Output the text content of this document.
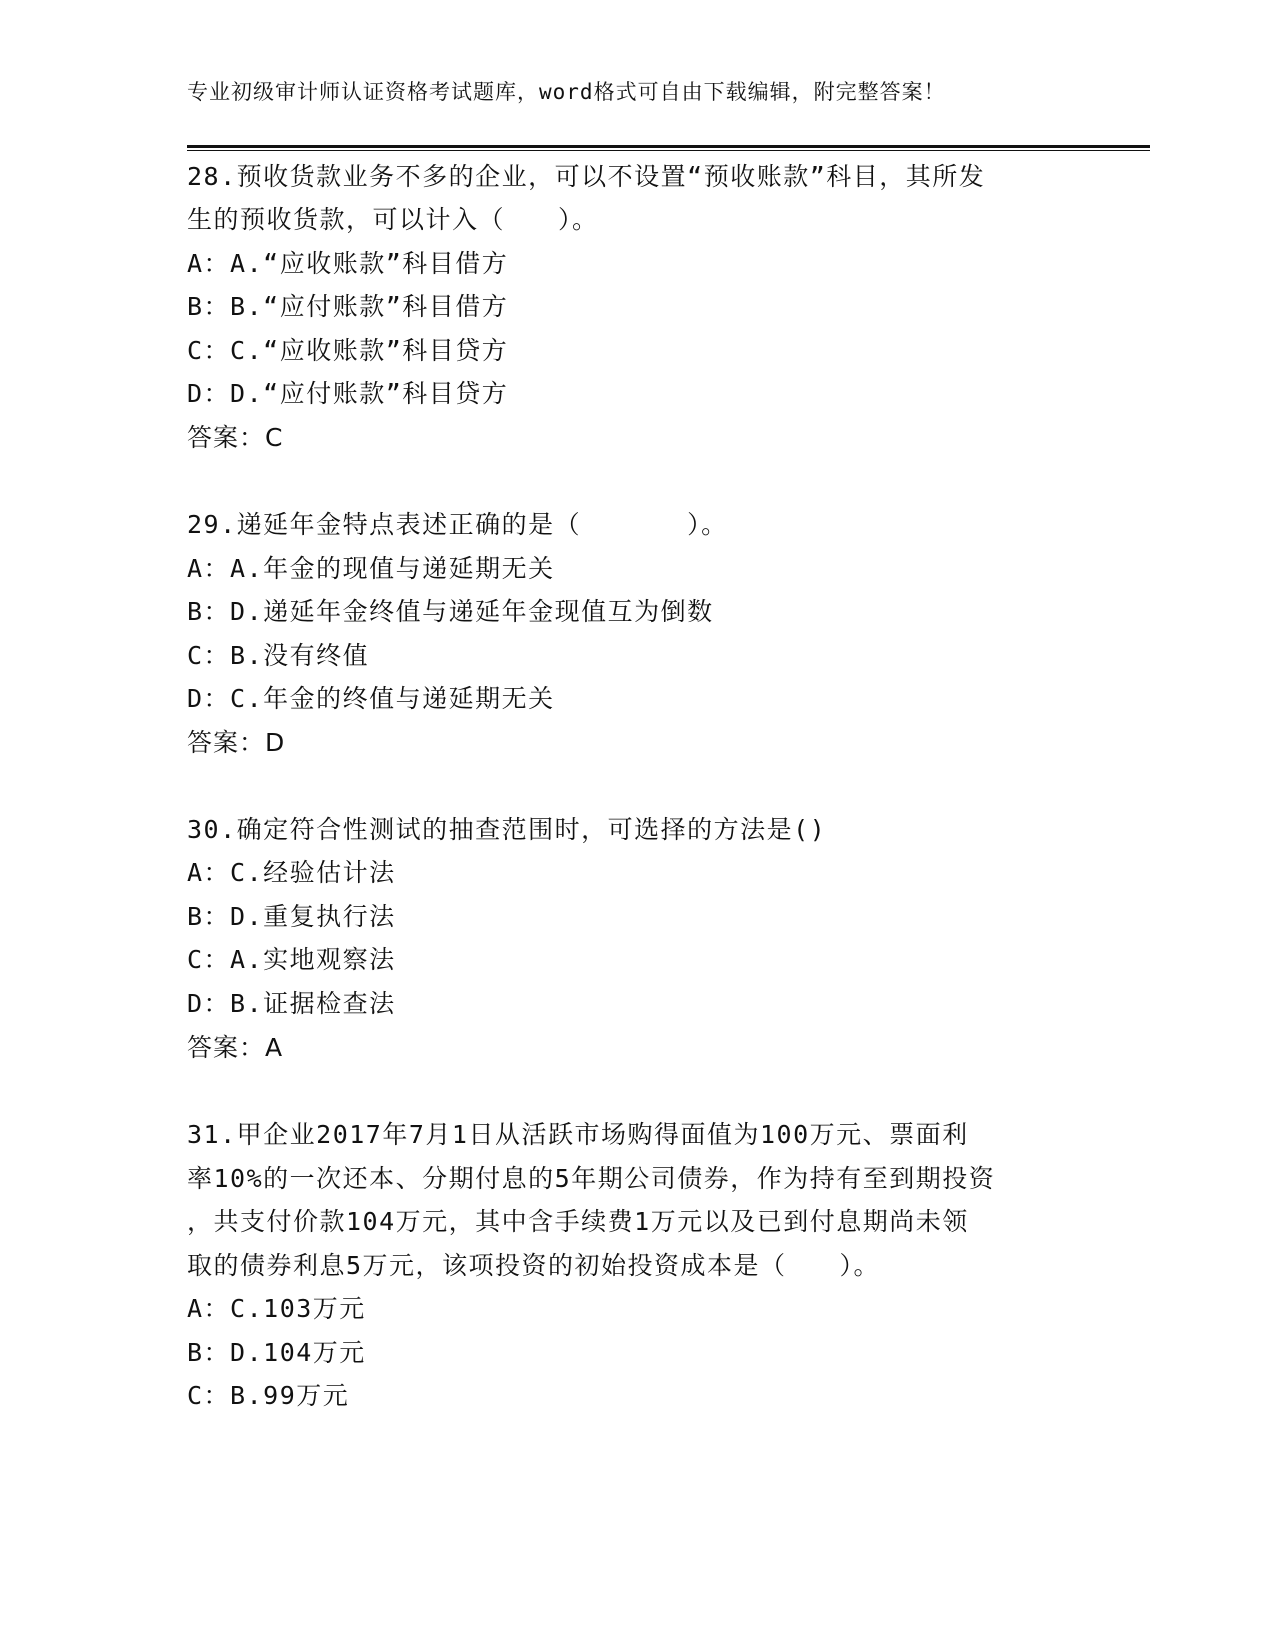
专业初级审计师认证资格考试题库，word格式可自由下载编辑，附完整答案！
28.预收货款业务不多的企业，可以不设置“预收账款”科目，其所发
生的预收货款，可以计入（　　）。
A：A.“应收账款”科目借方
B：B.“应付账款”科目借方
C：C.“应收账款”科目贷方
D：D.“应付账款”科目贷方
答案：C
29.递延年金特点表述正确的是（　　　　）。
A：A.年金的现值与递延期无关
B：D.递延年金终值与递延年金现值互为倒数
C：B.没有终值
D：C.年金的终值与递延期无关
答案：D
30.确定符合性测试的抽查范围时，可选择的方法是()
A：C.经验估计法
B：D.重复执行法
C：A.实地观察法
D：B.证据检查法
答案：A
31.甲企业2017年7月1日从活跃市场购得面值为100万元、票面利
率10%的一次还本、分期付息的5年期公司债券，作为持有至到期投资
，共支付价款104万元，其中含手续费1万元以及已到付息期尚未领
取的债券利息5万元，该项投资的初始投资成本是（　　）。
A：C.103万元
B：D.104万元
C：B.99万元
